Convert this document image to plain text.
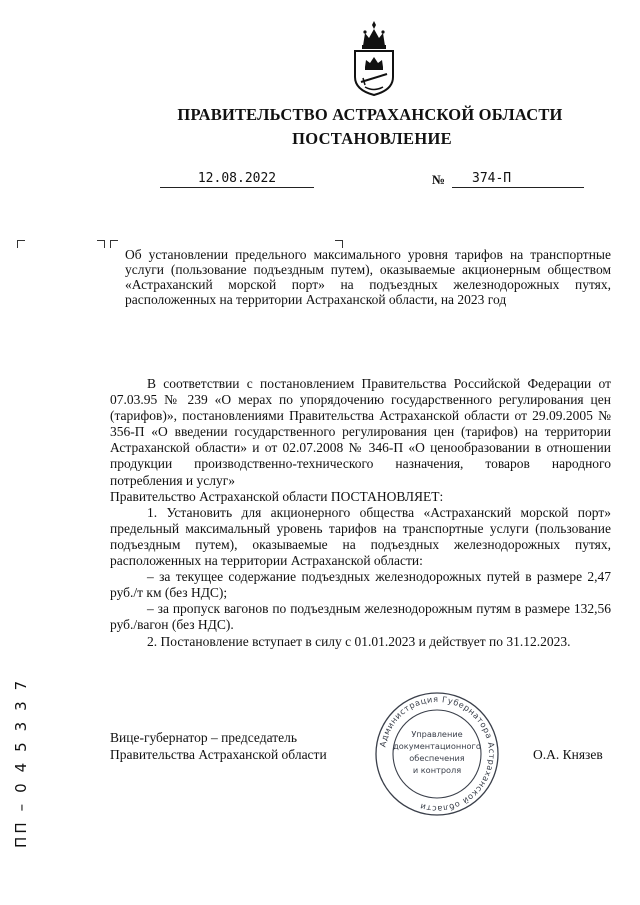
ПРАВИТЕЛЬСТВО АСТРАХАНСКОЙ ОБЛАСТИ
ПОСТАНОВЛЕНИЕ
12.08.2022	№	374-П
Об установлении предельного максимального уровня тарифов на транспортные услуги (пользование подъездным путем), оказываемые акционерным обществом «Астраханский морской порт» на подъездных железнодорожных путях, расположенных на территории Астраханской области, на 2023 год

В соответствии с постановлением Правительства Российской Федерации от 07.03.95 № 239 «О мерах по упорядочению государственного регулирования цен (тарифов)», постановлениями Правительства Астраханской области от 29.09.2005 № 356-П «О введении государственного регулирования цен (тарифов) на территории Астраханской области» и от 02.07.2008 № 346-П «О ценообразовании в отношении продукции производственно-технического назначения, товаров народного потребления и услуг»

Правительство Астраханской области ПОСТАНОВЛЯЕТ:

1. Установить для акционерного общества «Астраханский морской порт» предельный максимальный уровень тарифов на транспортные услуги (пользование подъездным путем), оказываемые на подъездных железнодорожных путях, расположенных на территории Астраханской области:

– за текущее содержание подъездных железнодорожных путей в размере 2,47 руб./т км (без НДС);

– за пропуск вагонов по подъездным железнодорожным путям в размере 132,56 руб./вагон (без НДС).

2. Постановление вступает в силу с 01.01.2023 и действует по 31.12.2023.

Вице-губернатор – председатель
Правительства Астраханской области
Администрация Губернатора Астраханской области
Управление
документационного
обеспечения
и контроля
О.А. Князев
ПП – 0 4 5 3 3 7
